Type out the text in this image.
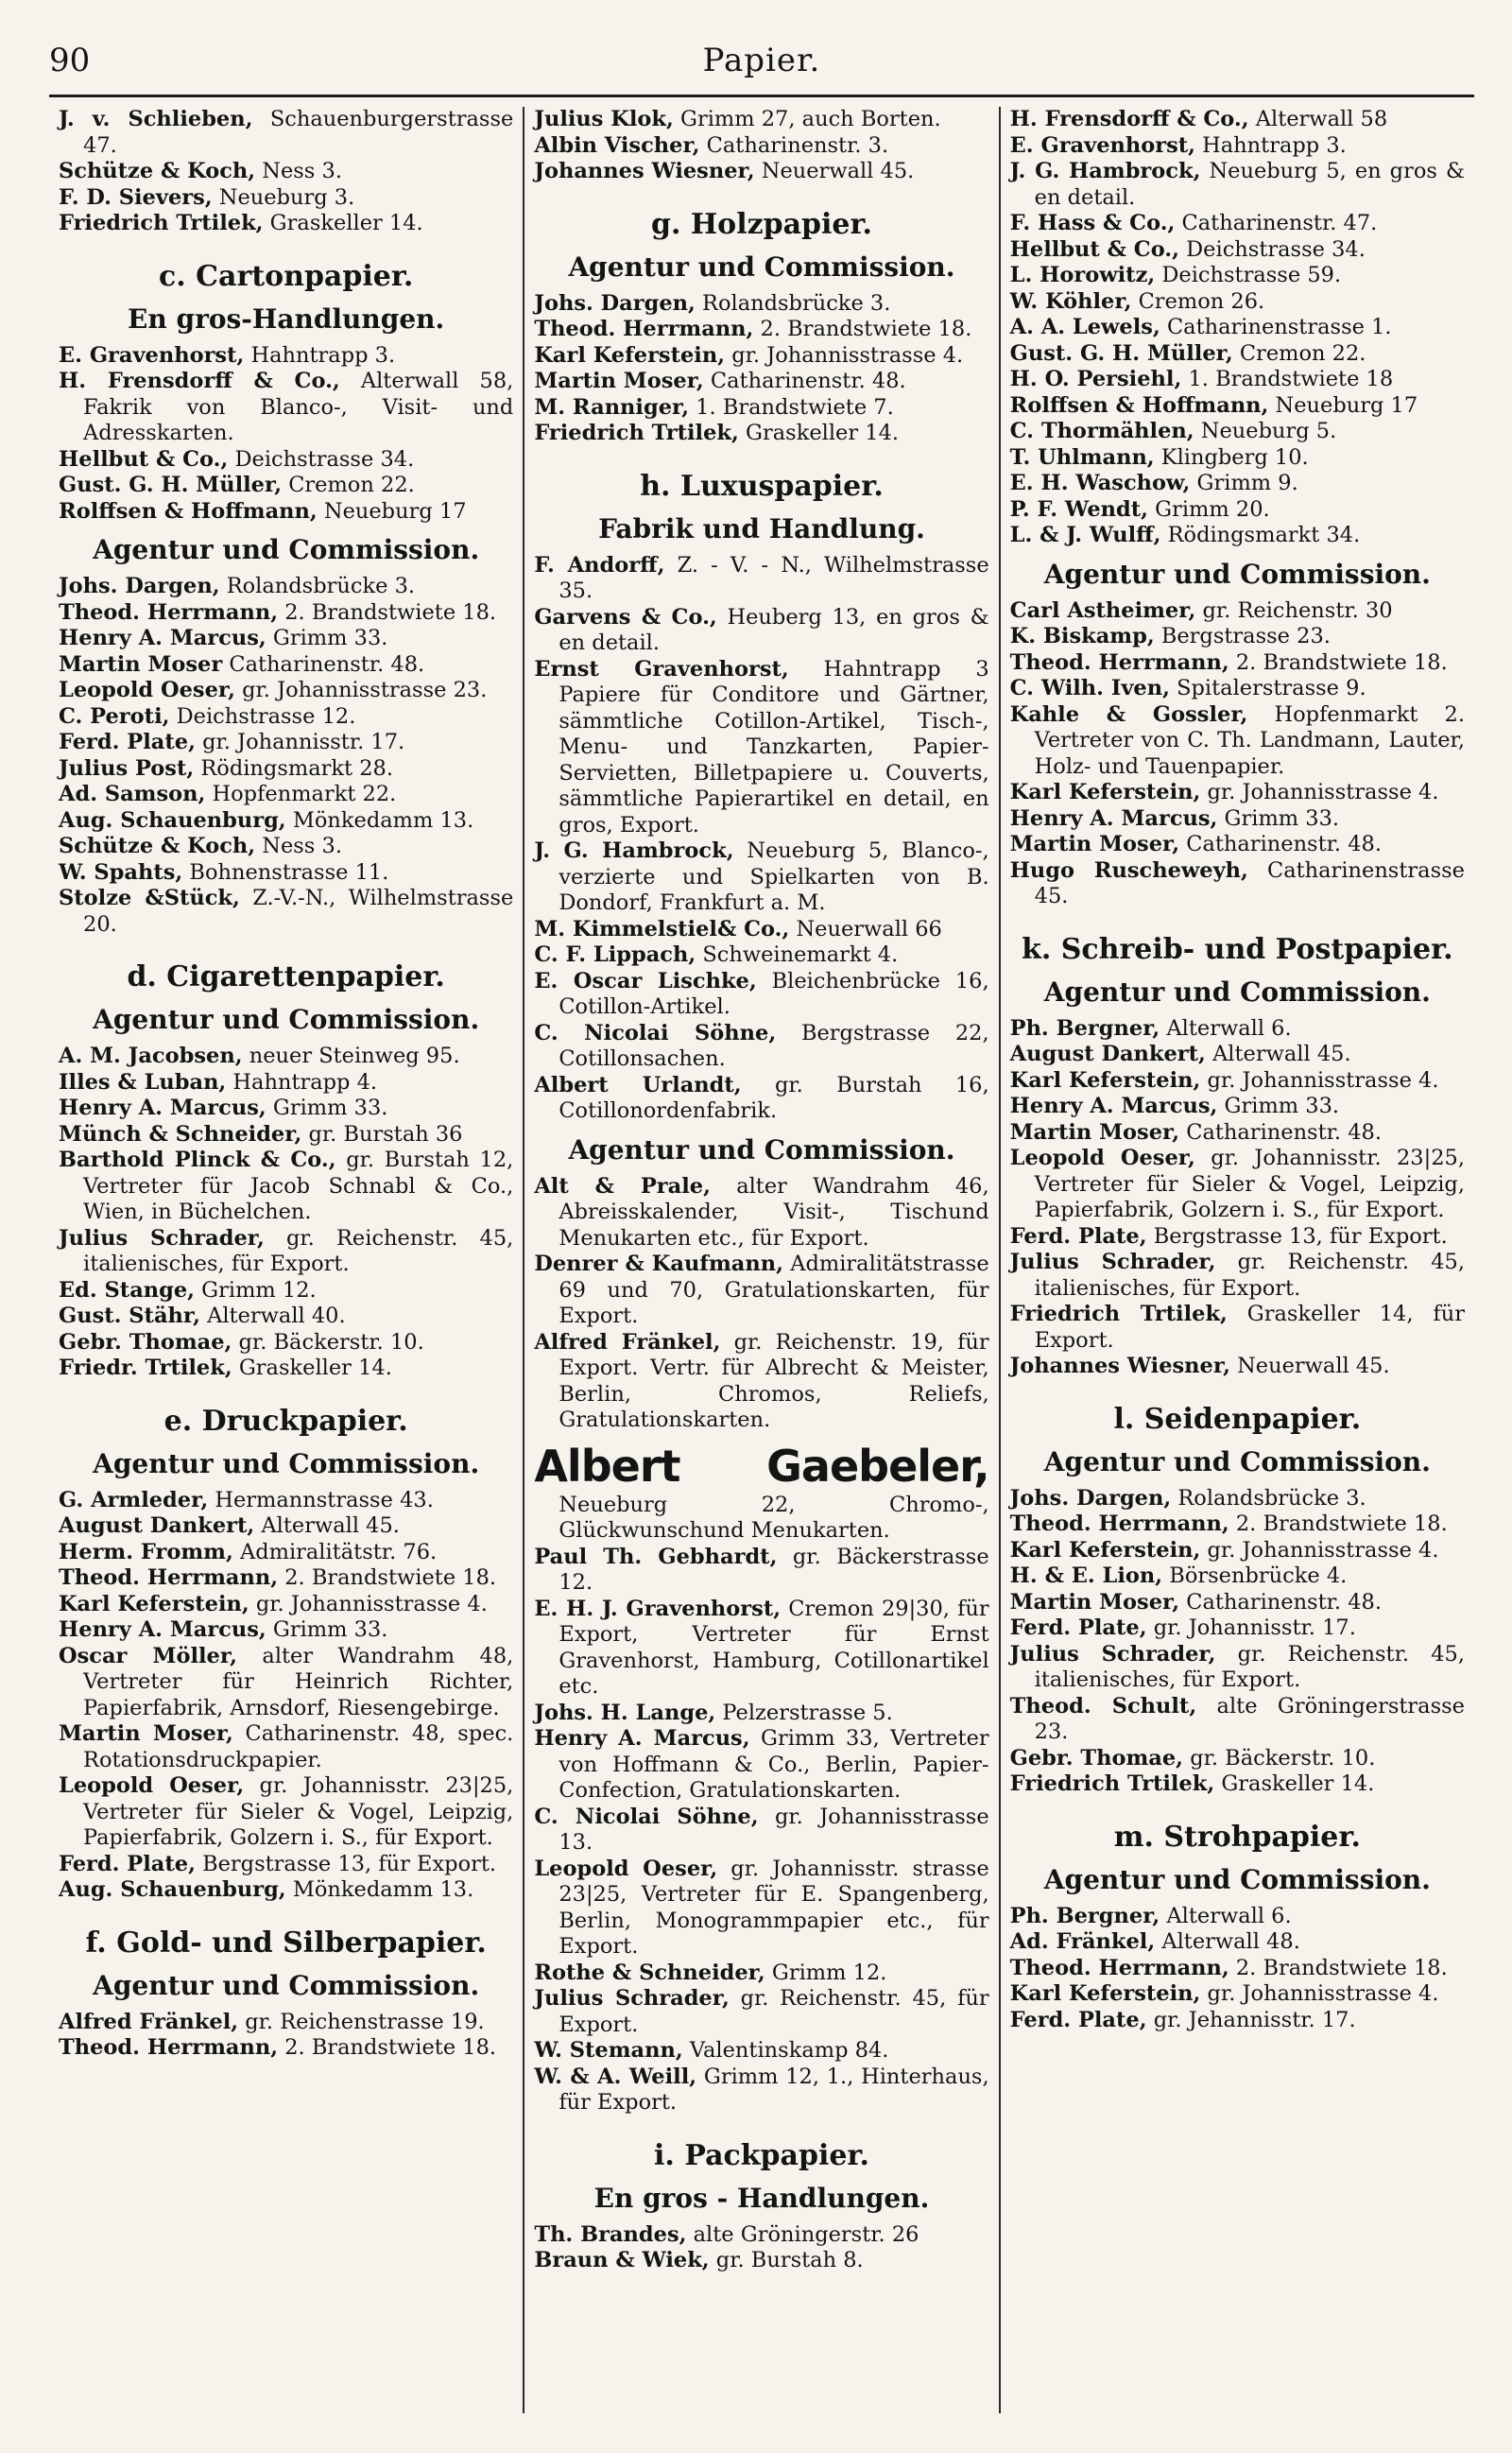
90	Papier.

J. v. Schlieben, Schauenburgerstrasse 47.

Schütze & Koch, Ness 3.

F. D. Sievers, Neueburg 3.

Friedrich Trtilek, Graskeller 14.

c. Cartonpapier.
En gros-Handlungen.

E. Gravenhorst, Hahntrapp 3.

H. Frensdorff & Co., Alterwall 58, Fakrik von Blanco-, Visit- und Adresskarten.

Hellbut & Co., Deichstrasse 34.

Gust. G. H. Müller, Cremon 22.

Rolffsen & Hoffmann, Neueburg 17

Agentur und Commission.

Johs. Dargen, Rolandsbrücke 3.

Theod. Herrmann, 2. Brandstwiete 18.

Henry A. Marcus, Grimm 33.

Martin Moser Catharinenstr. 48.

Leopold Oeser, gr. Johannisstrasse 23.

C. Peroti, Deichstrasse 12.

Ferd. Plate, gr. Johannisstr. 17.

Julius Post, Rödingsmarkt 28.

Ad. Samson, Hopfenmarkt 22.

Aug. Schauenburg, Mönkedamm 13.

Schütze & Koch, Ness 3.

W. Spahts, Bohnenstrasse 11.

Stolze &Stück, Z.-V.-N., Wilhelmstrasse 20.

d. Cigarettenpapier.
Agentur und Commission.

A. M. Jacobsen, neuer Steinweg 95.

Illes & Luban, Hahntrapp 4.

Henry A. Marcus, Grimm 33.

Münch & Schneider, gr. Burstah 36

Barthold Plinck & Co., gr. Burstah 12, Vertreter für Jacob Schnabl & Co., Wien, in Büchelchen.

Julius Schrader, gr. Reichenstr. 45, italienisches, für Export.

Ed. Stange, Grimm 12.

Gust. Stähr, Alterwall 40.

Gebr. Thomae, gr. Bäckerstr. 10.

Friedr. Trtilek, Graskeller 14.

e. Druckpapier.
Agentur und Commission.

G. Armleder, Hermannstrasse 43.

August Dankert, Alterwall 45.

Herm. Fromm, Admiralitätstr. 76.

Theod. Herrmann, 2. Brandstwiete 18.

Karl Keferstein, gr. Johannisstrasse 4.

Henry A. Marcus, Grimm 33.

Oscar Möller, alter Wandrahm 48, Vertreter für Heinrich Richter, Papierfabrik, Arnsdorf, Riesengebirge.

Martin Moser, Catharinenstr. 48, spec. Rotationsdruckpapier.

Leopold Oeser, gr. Johannisstr. 23|25, Vertreter für Sieler & Vogel, Leipzig, Papierfabrik, Golzern i. S., für Export.

Ferd. Plate, Bergstrasse 13, für Export.

Aug. Schauenburg, Mönkedamm 13.

f. Gold- und Silberpapier.
Agentur und Commission.

Alfred Fränkel, gr. Reichenstrasse 19.

Theod. Herrmann, 2. Brandstwiete 18.

Julius Klok, Grimm 27, auch Borten.

Albin Vischer, Catharinenstr. 3.

Johannes Wiesner, Neuerwall 45.

g. Holzpapier.
Agentur und Commission.

Johs. Dargen, Rolandsbrücke 3.

Theod. Herrmann, 2. Brandstwiete 18.

Karl Keferstein, gr. Johannisstrasse 4.

Martin Moser, Catharinenstr. 48.

M. Ranniger, 1. Brandstwiete 7.

Friedrich Trtilek, Graskeller 14.

h. Luxuspapier.
Fabrik und Handlung.

F. Andorff, Z. - V. - N., Wilhelmstrasse 35.

Garvens & Co., Heuberg 13, en gros & en detail.

Ernst Gravenhorst, Hahntrapp 3 Papiere für Conditore und Gärtner, sämmtliche Cotillon-Artikel, Tisch-, Menu- und Tanzkarten, Papier-Servietten, Billetpapiere u. Couverts, sämmtliche Papierartikel en detail, en gros, Export.

J. G. Hambrock, Neueburg 5, Blanco-, verzierte und Spielkarten von B. Dondorf, Frankfurt a. M.

M. Kimmelstiel& Co., Neuerwall 66

C. F. Lippach, Schweinemarkt 4.

E. Oscar Lischke, Bleichenbrücke 16, Cotillon-Artikel.

C. Nicolai Söhne, Bergstrasse 22, Cotillonsachen.

Albert Urlandt, gr. Burstah 16, Cotillonordenfabrik.

Agentur und Commission.

Alt & Prale, alter Wandrahm 46, Abreisskalender, Visit-, Tischund Menukarten etc., für Export.

Denrer & Kaufmann, Admiralitätstrasse 69 und 70, Gratulationskarten, für Export.

Alfred Fränkel, gr. Reichenstr. 19, für Export. Vertr. für Albrecht & Meister, Berlin, Chromos, Reliefs, Gratulationskarten.

Albert Gaebeler, Neueburg 22, Chromo-, Glückwunschund Menukarten.

Paul Th. Gebhardt, gr. Bäckerstrasse 12.

E. H. J. Gravenhorst, Cremon 29|30, für Export, Vertreter für Ernst Gravenhorst, Hamburg, Cotillonartikel etc.

Johs. H. Lange, Pelzerstrasse 5.

Henry A. Marcus, Grimm 33, Vertreter von Hoffmann & Co., Berlin, Papier-Confection, Gratulationskarten.

C. Nicolai Söhne, gr. Johannisstrasse 13.

Leopold Oeser, gr. Johannisstr. strasse 23|25, Vertreter für E. Spangenberg, Berlin, Monogrammpapier etc., für Export.

Rothe & Schneider, Grimm 12.

Julius Schrader, gr. Reichenstr. 45, für Export.

W. Stemann, Valentinskamp 84.

W. & A. Weill, Grimm 12, 1., Hinterhaus, für Export.

i. Packpapier.
En gros - Handlungen.

Th. Brandes, alte Gröningerstr. 26

Braun & Wiek, gr. Burstah 8.

H. Frensdorff & Co., Alterwall 58

E. Gravenhorst, Hahntrapp 3.

J. G. Hambrock, Neueburg 5, en gros & en detail.

F. Hass & Co., Catharinenstr. 47.

Hellbut & Co., Deichstrasse 34.

L. Horowitz, Deichstrasse 59.

W. Köhler, Cremon 26.

A. A. Lewels, Catharinenstrasse 1.

Gust. G. H. Müller, Cremon 22.

H. O. Persiehl, 1. Brandstwiete 18

Rolffsen & Hoffmann, Neueburg 17

C. Thormählen, Neueburg 5.

T. Uhlmann, Klingberg 10.

E. H. Waschow, Grimm 9.

P. F. Wendt, Grimm 20.

L. & J. Wulff, Rödingsmarkt 34.

Agentur und Commission.

Carl Astheimer, gr. Reichenstr. 30

K. Biskamp, Bergstrasse 23.

Theod. Herrmann, 2. Brandstwiete 18.

C. Wilh. Iven, Spitalerstrasse 9.

Kahle & Gossler, Hopfenmarkt 2. Vertreter von C. Th. Landmann, Lauter, Holz- und Tauenpapier.

Karl Keferstein, gr. Johannisstrasse 4.

Henry A. Marcus, Grimm 33.

Martin Moser, Catharinenstr. 48.

Hugo Ruscheweyh, Catharinenstrasse 45.

k. Schreib- und Postpapier.
Agentur und Commission.

Ph. Bergner, Alterwall 6.

August Dankert, Alterwall 45.

Karl Keferstein, gr. Johannisstrasse 4.

Henry A. Marcus, Grimm 33.

Martin Moser, Catharinenstr. 48.

Leopold Oeser, gr. Johannisstr. 23|25, Vertreter für Sieler & Vogel, Leipzig, Papierfabrik, Golzern i. S., für Export.

Ferd. Plate, Bergstrasse 13, für Export.

Julius Schrader, gr. Reichenstr. 45, italienisches, für Export.

Friedrich Trtilek, Graskeller 14, für Export.

Johannes Wiesner, Neuerwall 45.

l. Seidenpapier.
Agentur und Commission.

Johs. Dargen, Rolandsbrücke 3.

Theod. Herrmann, 2. Brandstwiete 18.

Karl Keferstein, gr. Johannisstrasse 4.

H. & E. Lion, Börsenbrücke 4.

Martin Moser, Catharinenstr. 48.

Ferd. Plate, gr. Johannisstr. 17.

Julius Schrader, gr. Reichenstr. 45, italienisches, für Export.

Theod. Schult, alte Gröningerstrasse 23.

Gebr. Thomae, gr. Bäckerstr. 10.

Friedrich Trtilek, Graskeller 14.

m. Strohpapier.
Agentur und Commission.

Ph. Bergner, Alterwall 6.

Ad. Fränkel, Alterwall 48.

Theod. Herrmann, 2. Brandstwiete 18.

Karl Keferstein, gr. Johannisstrasse 4.

Ferd. Plate, gr. Jehannisstr. 17.
